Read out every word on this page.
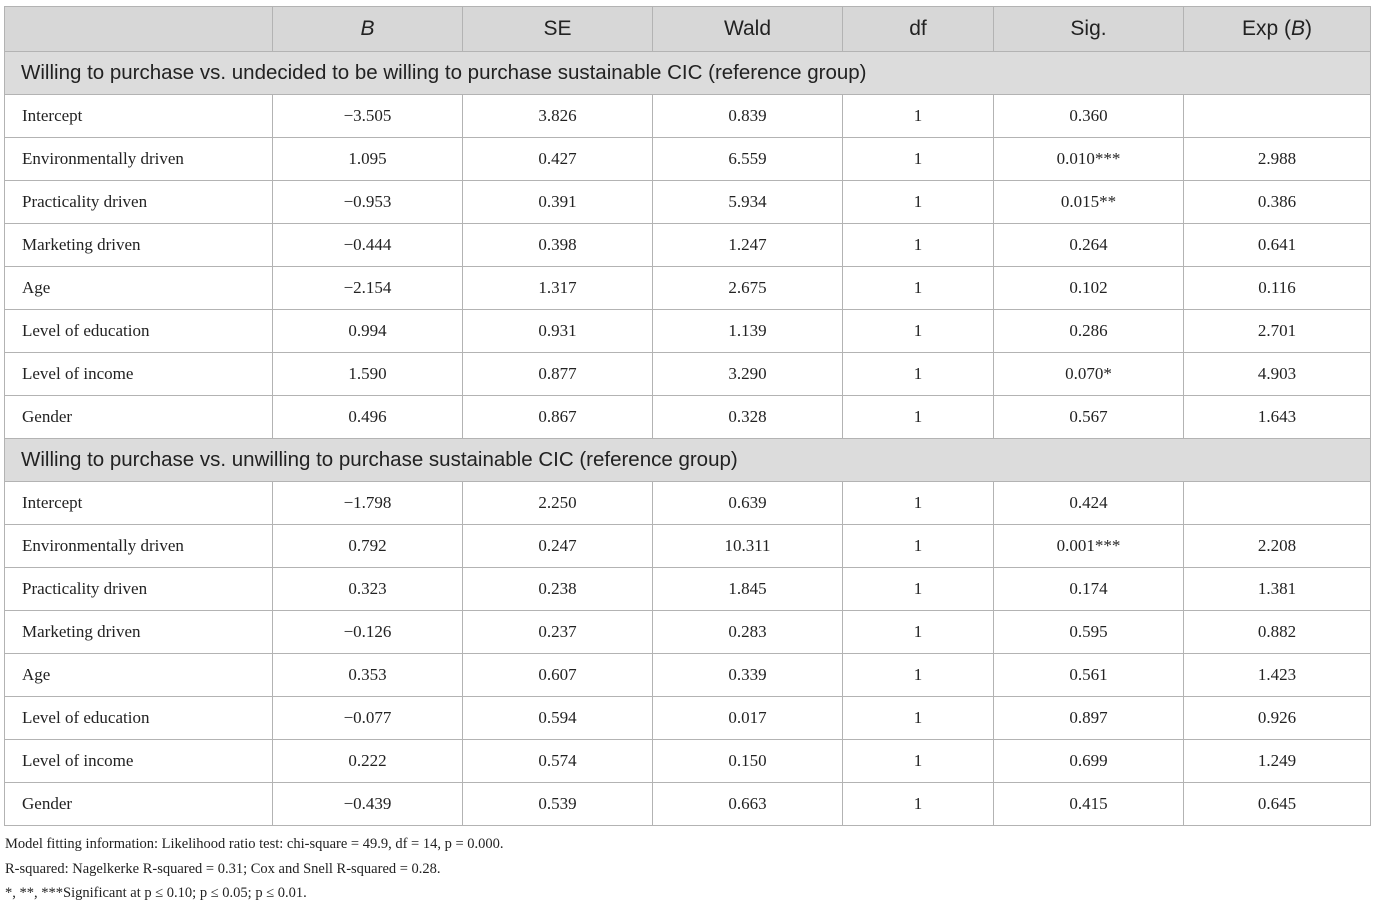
	B	SE	Wald	df	Sig.	Exp (B)
Willing to purchase vs. undecided to be willing to purchase sustainable CIC (reference group)						
Intercept	−3.505	3.826	0.839	1	0.360	
Environmentally driven	1.095	0.427	6.559	1	0.010***	2.988
Practicality driven	−0.953	0.391	5.934	1	0.015**	0.386
Marketing driven	−0.444	0.398	1.247	1	0.264	0.641
Age	−2.154	1.317	2.675	1	0.102	0.116
Level of education	0.994	0.931	1.139	1	0.286	2.701
Level of income	1.590	0.877	3.290	1	0.070*	4.903
Gender	0.496	0.867	0.328	1	0.567	1.643
Willing to purchase vs. unwilling to purchase sustainable CIC (reference group)						
Intercept	−1.798	2.250	0.639	1	0.424	
Environmentally driven	0.792	0.247	10.311	1	0.001***	2.208
Practicality driven	0.323	0.238	1.845	1	0.174	1.381
Marketing driven	−0.126	0.237	0.283	1	0.595	0.882
Age	0.353	0.607	0.339	1	0.561	1.423
Level of education	−0.077	0.594	0.017	1	0.897	0.926
Level of income	0.222	0.574	0.150	1	0.699	1.249
Gender	−0.439	0.539	0.663	1	0.415	0.645
Model fitting information: Likelihood ratio test: chi-square = 49.9, df = 14, p = 0.000.
R-squared: Nagelkerke R-squared = 0.31; Cox and Snell R-squared = 0.28.
*, **, ***Significant at p ≤ 0.10; p ≤ 0.05; p ≤ 0.01.
